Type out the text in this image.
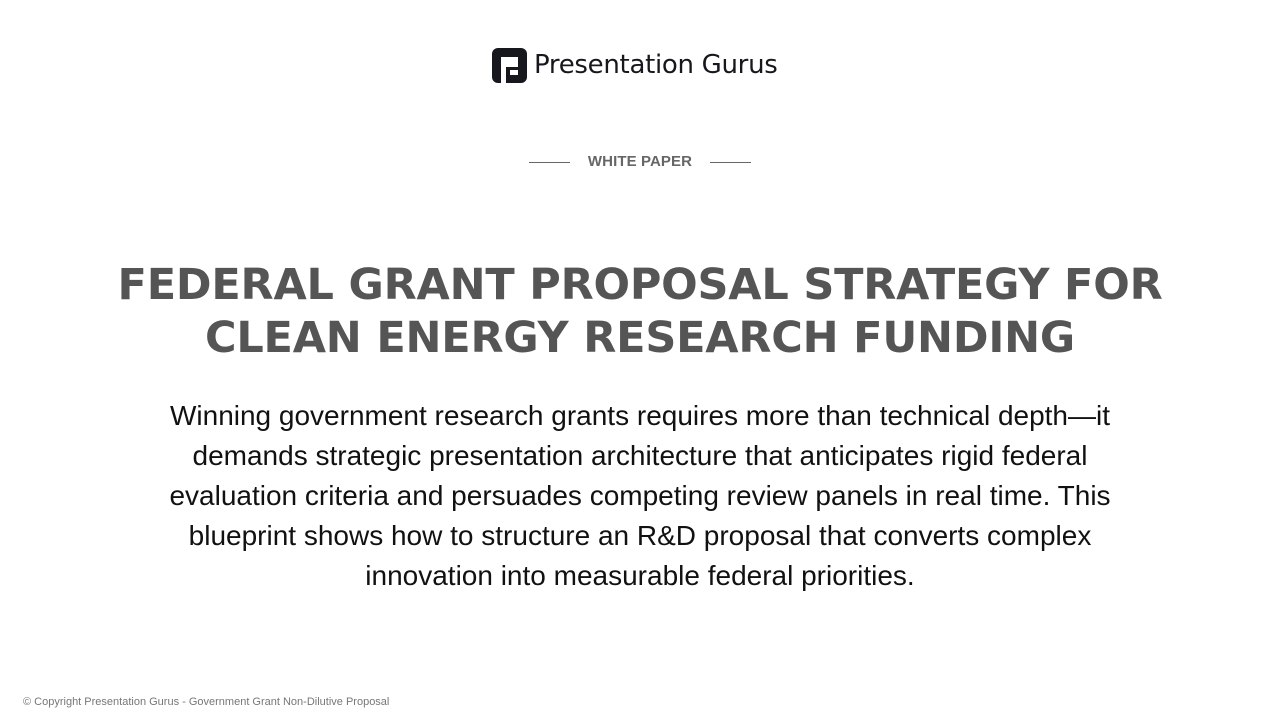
Presentation Gurus
WHITE PAPER
FEDERAL GRANT PROPOSAL STRATEGY FOR
CLEAN ENERGY RESEARCH FUNDING

Winning government research grants requires more than technical depth—it demands strategic presentation architecture that anticipates rigid federal evaluation criteria and persuades competing review panels in real time. This blueprint shows how to structure an R&D proposal that converts complex innovation into measurable federal priorities.

© Copyright Presentation Gurus - Government Grant Non-Dilutive Proposal
